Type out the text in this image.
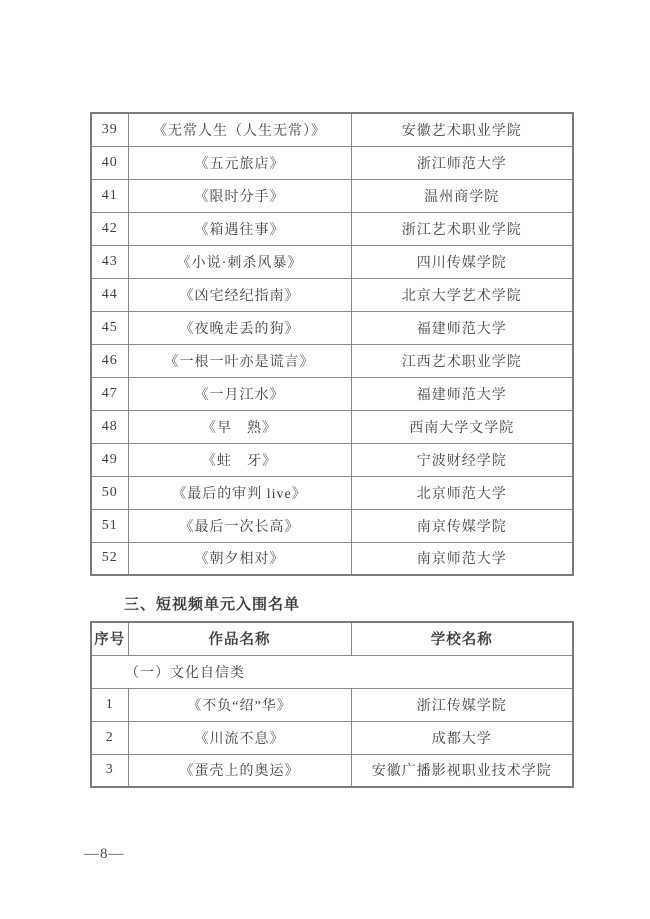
39	《无常人生（人生无常）》	安徽艺术职业学院
40	《五元旅店》	浙江师范大学
41	《限时分手》	温州商学院
42	《箱遇往事》	浙江艺术职业学院
43	《小说·刺杀风暴》	四川传媒学院
44	《凶宅经纪指南》	北京大学艺术学院
45	《夜晚走丢的狗》	福建师范大学
46	《一根一叶亦是谎言》	江西艺术职业学院
47	《一月江水》	福建师范大学
48	《早　熟》	西南大学文学院
49	《蛀　牙》	宁波财经学院
50	《最后的审判 live》	北京师范大学
51	《最后一次长高》	南京传媒学院
52	《朝夕相对》	南京师范大学
三、短视频单元入围名单
序号	作品名称	学校名称
（一）文化自信类		
1	《不负“绍”华》	浙江传媒学院
2	《川流不息》	成都大学
3	《蛋壳上的奥运》	安徽广播影视职业技术学院
—8—
